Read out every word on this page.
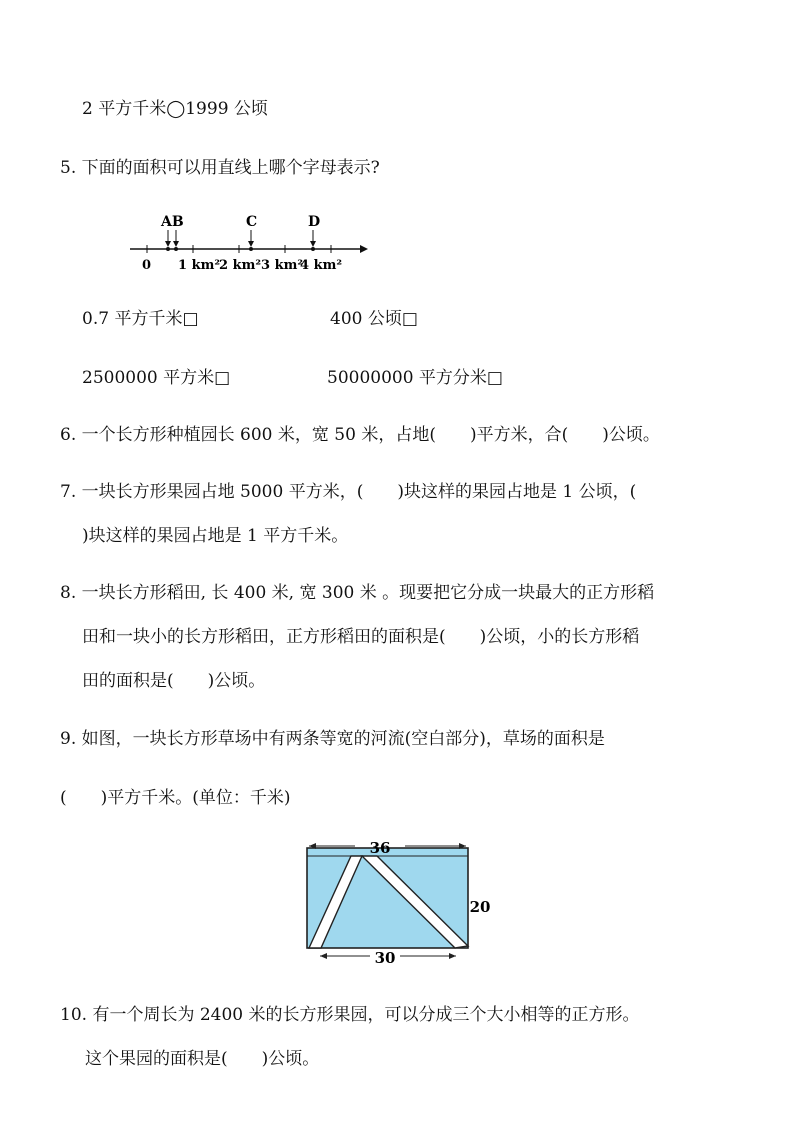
2 平方千米◯1999 公顷
5. 下面的面积可以用直线上哪个字母表示?
AB	C	D
0 1 km²
2 km² 3 km²
4 km²
0.7 平方千米□	400 公顷□
2500000 平方米□	50000000 平方分米□
6. 一个长方形种植园长 600 米，宽 50 米，占地(　　)平方米，合(　　)公顷。
7. 一块长方形果园占地 5000 平方米，(　　)块这样的果园占地是 1 公顷，(
)块这样的果园占地是 1 平方千米。
8. 一块长方形稻田, 长 400 米, 宽 300 米 。现要把它分成一块最大的正方形稻
田和一块小的长方形稻田，正方形稻田的面积是(　　)公顷，小的长方形稻
田的面积是(　　)公顷。
9. 如图，一块长方形草场中有两条等宽的河流(空白部分)，草场的面积是
(　　)平方千米。(单位：千米)
36
20
30
10. 有一个周长为 2400 米的长方形果园，可以分成三个大小相等的正方形。
这个果园的面积是(　　)公顷。
